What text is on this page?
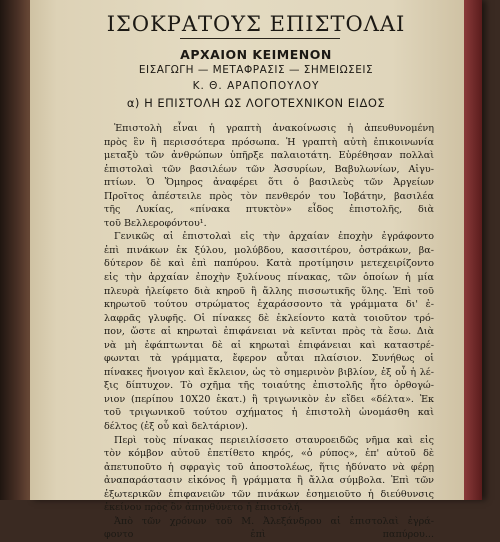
ΙΣΟΚΡΑΤΟΥΣ ΕΠΙΣΤΟΛΑΙ
ΑΡΧΑΙΟΝ ΚΕΙΜΕΝΟΝ
ΕΙΣΑΓΩΓΗ — ΜΕΤΑΦΡΑΣΙΣ — ΣΗΜΕΙΩΣΕΙΣ
Κ. Θ. ΑΡΑΠΟΠΟΥΛΟΥ
α) Η ΕΠΙΣΤΟΛΗ ΩΣ ΛΟΓΟΤΕΧΝΙΚΟΝ ΕΙΔΟΣ
Ἐπιστολὴ εἶναι ἡ γραπτὴ ἀνακοίνωσις ἡ ἀπευθυνομένη
πρὸς ἓν ἢ περισσότερα πρόσωπα. Ἡ γραπτὴ αὐτὴ ἐπικοινωνία
μεταξὺ τῶν ἀνθρώπων ὑπῆρξε παλαιοτάτη. Εὑρέθησαν πολλαὶ
ἐπιστολαὶ τῶν βασιλέων τῶν Ἀσσυρίων, Βαβυλωνίων, Αἰγυ-
πτίων. Ὁ Ὅμηρος ἀναφέρει ὅτι ὁ βασιλεὺς τῶν Ἀργείων
Προῖτος ἀπέστειλε πρὸς τὸν πενθερόν του Ἰοβάτην, βασιλέα
τῆς Λυκίας, «πίνακα πτυκτὸν» εἶδος ἐπιστολῆς, διὰ
τοῦ Βελλεροφόντου¹.
Γενικῶς αἱ ἐπιστολαὶ εἰς τὴν ἀρχαίαν ἐποχὴν ἐγράφοντο
ἐπὶ πινάκων ἐκ ξύλου, μολύβδου, κασσιτέρου, ὀστράκων, βα-
δύτερον δὲ καὶ ἐπὶ παπύρου. Κατὰ προτίμησιν μετεχειρίζοντο
εἰς τὴν ἀρχαίαν ἐποχὴν ξυλίνους πίνακας, τῶν ὁποίων ἡ μία
πλευρὰ ἠλείφετο διὰ κηροῦ ἢ ἄλλης πισσωτικῆς ὕλης. Ἐπὶ τοῦ
κηρωτοῦ τούτου στρώματος ἐχαράσσοντο τὰ γράμματα δι' ἐ-
λαφρᾶς γλυφῆς. Οἱ πίνακες δὲ ἐκλείοντο κατὰ τοιοῦτον τρό-
πον, ὥστε αἱ κηρωταὶ ἐπιφάνειαι νὰ κεῖνται πρὸς τὰ ἔσω. Διὰ
νὰ μὴ ἐφάπτωνται δὲ αἱ κηρωταὶ ἐπιφάνειαι καὶ καταστρέ-
φωνται τὰ γράμματα, ἔφερον αὗται πλαίσιον. Συνήθως οἱ
πίνακες ἤνοιγον καὶ ἔκλειον, ὡς τὸ σημερινὸν βιβλίον, ἐξ οὗ ἡ λέ-
ξις δίπτυχον. Τὸ σχῆμα τῆς τοιαύτης ἐπιστολῆς ἦτο ὀρθογώ-
νιον (περίπου 10Χ20 ἑκατ.) ἢ τριγωνικὸν ἐν εἴδει «δέλτα». Ἐκ
τοῦ τριγωνικοῦ τούτου σχήματος ἡ ἐπιστολὴ ὠνομάσθη καὶ
δέλτος (ἐξ οὗ καὶ δελτάριον).
Περὶ τοὺς πίνακας περιειλίσσετο σταυροειδῶς νῆμα καὶ εἰς
τὸν κόμβον αὐτοῦ ἐπετίθετο κηρός, «ὁ ρύπος», ἐπ' αὐτοῦ δὲ
ἀπετυποῦτο ἡ σφραγὶς τοῦ ἀποστολέως, ἥτις ἠδύνατο νὰ φέρῃ
ἀναπαράστασιν εἰκόνος ἢ γράμματα ἢ ἄλλα σύμβολα. Ἐπὶ τῶν
ἐξωτερικῶν ἐπιφανειῶν τῶν πινάκων ἐσημειοῦτο ἡ διεύθυνσις
ἐκείνου πρὸς ὃν ἀπηυθύνετο ἡ ἐπιστολή.
Ἀπὸ τῶν χρόνων τοῦ Μ. Ἀλεξάνδρου αἱ ἐπιστολαὶ ἐγρά-
φοντο ἐπὶ παπύρου...
